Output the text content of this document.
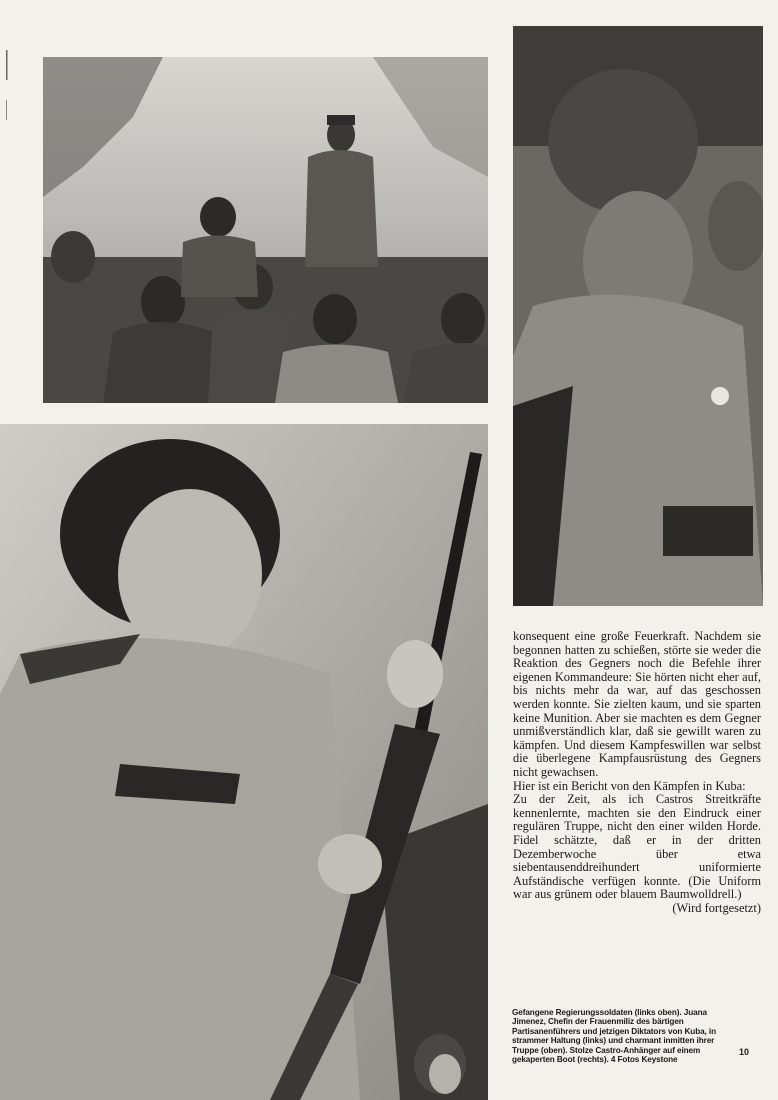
konsequent eine große Feuerkraft. Nachdem sie begonnen hatten zu schießen, störte sie weder die Reaktion des Gegners noch die Befehle ihrer eigenen Kommandeure: Sie hörten nicht eher auf, bis nichts mehr da war, auf das geschossen werden konnte. Sie zielten kaum, und sie sparten keine Munition. Aber sie machten es dem Gegner unmißverständlich klar, daß sie gewillt waren zu kämpfen. Und diesem Kampfeswillen war selbst die überlegene Kampfausrüstung des Gegners nicht gewachsen.

Hier ist ein Bericht von den Kämpfen in Kuba:

Zu der Zeit, als ich Castros Streitkräfte kennenlernte, machten sie den Eindruck einer regulären Truppe, nicht den einer wilden Horde. Fidel schätzte, daß er in der dritten Dezemberwoche über etwa siebentausenddreihundert uniformierte Aufständische verfügen konnte. (Die Uniform war aus grünem oder blauem Baumwolldrell.)

(Wird fortgesetzt)

Gefangene Regierungssoldaten (links oben). Juana Jimenez, Chefin der Frauenmiliz des bärtigen Partisanenführers und jetzigen Diktators von Kuba, in strammer Haltung (links) und charmant inmitten ihrer Truppe (oben). Stolze Castro-Anhänger auf einem gekaperten Boot (rechts). 4 Fotos Keystone
10
